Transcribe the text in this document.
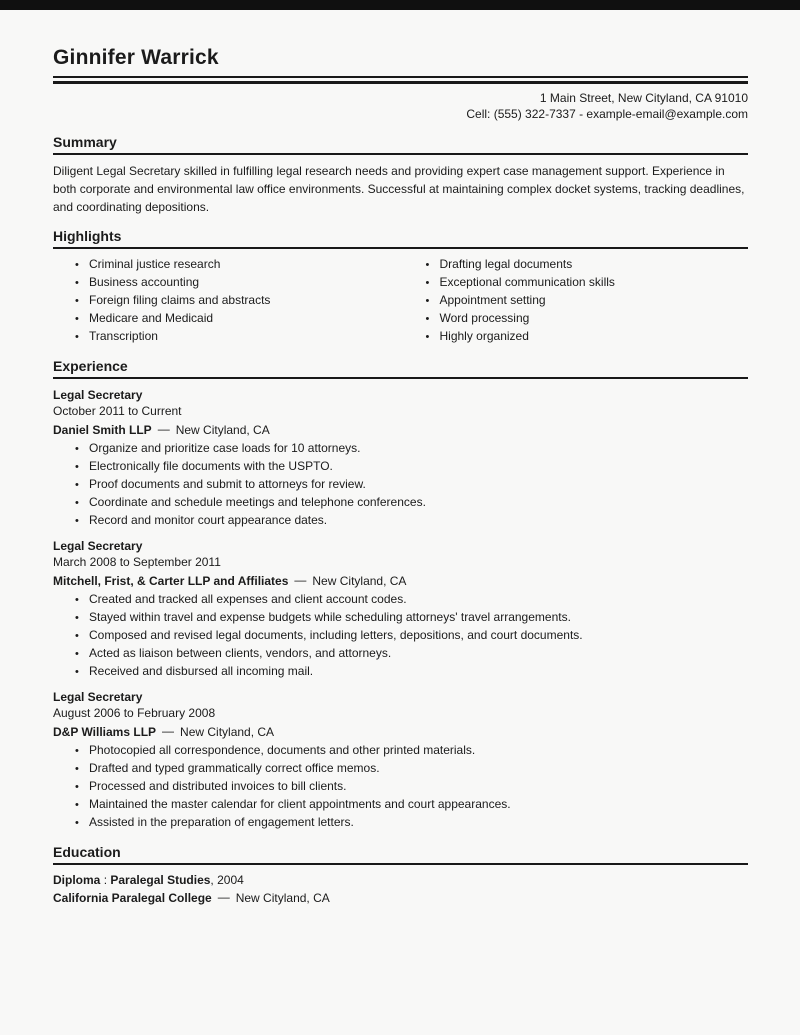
Ginnifer Warrick
1 Main Street, New Cityland, CA 91010
Cell: (555) 322-7337 - example-email@example.com
Summary

Diligent Legal Secretary skilled in fulfilling legal research needs and providing expert case management support. Experience in both corporate and environmental law office environments. Successful at maintaining complex docket systems, tracking deadlines, and coordinating depositions.

Highlights
• Criminal justice research
• Business accounting
• Foreign filing claims and abstracts
• Medicare and Medicaid
• Transcription
• Drafting legal documents
• Exceptional communication skills
• Appointment setting
• Word processing
• Highly organized
Experience
Legal Secretary
October 2011 to Current
Daniel Smith LLP — New Cityland, CA
• Organize and prioritize case loads for 10 attorneys.
• Electronically file documents with the USPTO.
• Proof documents and submit to attorneys for review.
• Coordinate and schedule meetings and telephone conferences.
• Record and monitor court appearance dates.
Legal Secretary
March 2008 to September 2011
Mitchell, Frist, & Carter LLP and Affiliates — New Cityland, CA
• Created and tracked all expenses and client account codes.
• Stayed within travel and expense budgets while scheduling attorneys' travel arrangements.
• Composed and revised legal documents, including letters, depositions, and court documents.
• Acted as liaison between clients, vendors, and attorneys.
• Received and disbursed all incoming mail.
Legal Secretary
August 2006 to February 2008
D&P Williams LLP — New Cityland, CA
• Photocopied all correspondence, documents and other printed materials.
• Drafted and typed grammatically correct office memos.
• Processed and distributed invoices to bill clients.
• Maintained the master calendar for client appointments and court appearances.
• Assisted in the preparation of engagement letters.
Education
Diploma : Paralegal Studies, 2004
California Paralegal College — New Cityland, CA
